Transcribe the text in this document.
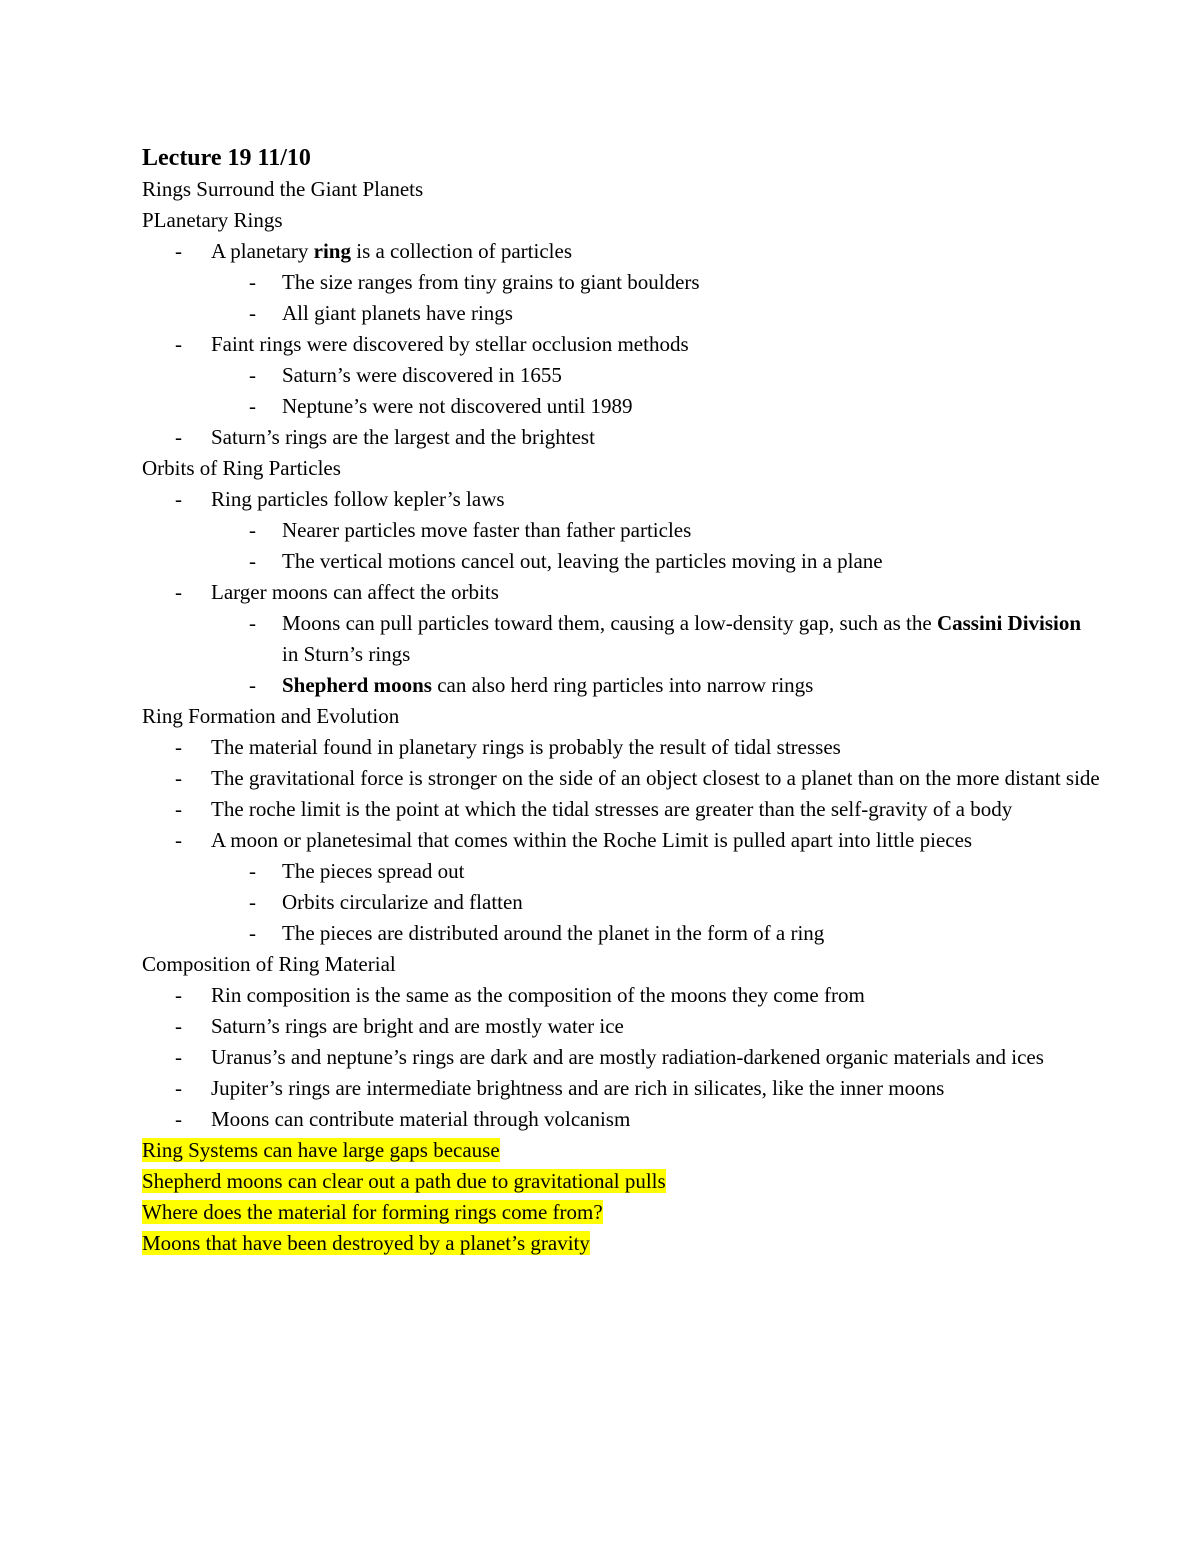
Lecture 19 11/10
Rings Surround the Giant Planets
PLanetary Rings
- A planetary ring is a collection of particles
- The size ranges from tiny grains to giant boulders
- All giant planets have rings
- Faint rings were discovered by stellar occlusion methods
- Saturn’s were discovered in 1655
- Neptune’s were not discovered until 1989
- Saturn’s rings are the largest and the brightest
Orbits of Ring Particles
- Ring particles follow kepler’s laws
- Nearer particles move faster than father particles
- The vertical motions cancel out, leaving the particles moving in a plane
- Larger moons can affect the orbits
- Moons can pull particles toward them, causing a low-density gap, such as the Cassini Division in Sturn’s rings
- Shepherd moons can also herd ring particles into narrow rings
Ring Formation and Evolution
- The material found in planetary rings is probably the result of tidal stresses
- The gravitational force is stronger on the side of an object closest to a planet than on the more distant side
- The roche limit is the point at which the tidal stresses are greater than the self-gravity of a body
- A moon or planetesimal that comes within the Roche Limit is pulled apart into little pieces
- The pieces spread out
- Orbits circularize and flatten
- The pieces are distributed around the planet in the form of a ring
Composition of Ring Material
- Rin composition is the same as the composition of the moons they come from
- Saturn’s rings are bright and are mostly water ice
- Uranus’s and neptune’s rings are dark and are mostly radiation-darkened organic materials and ices
- Jupiter’s rings are intermediate brightness and are rich in silicates, like the inner moons
- Moons can contribute material through volcanism
Ring Systems can have large gaps because
Shepherd moons can clear out a path due to gravitational pulls
Where does the material for forming rings come from?
Moons that have been destroyed by a planet’s gravity
